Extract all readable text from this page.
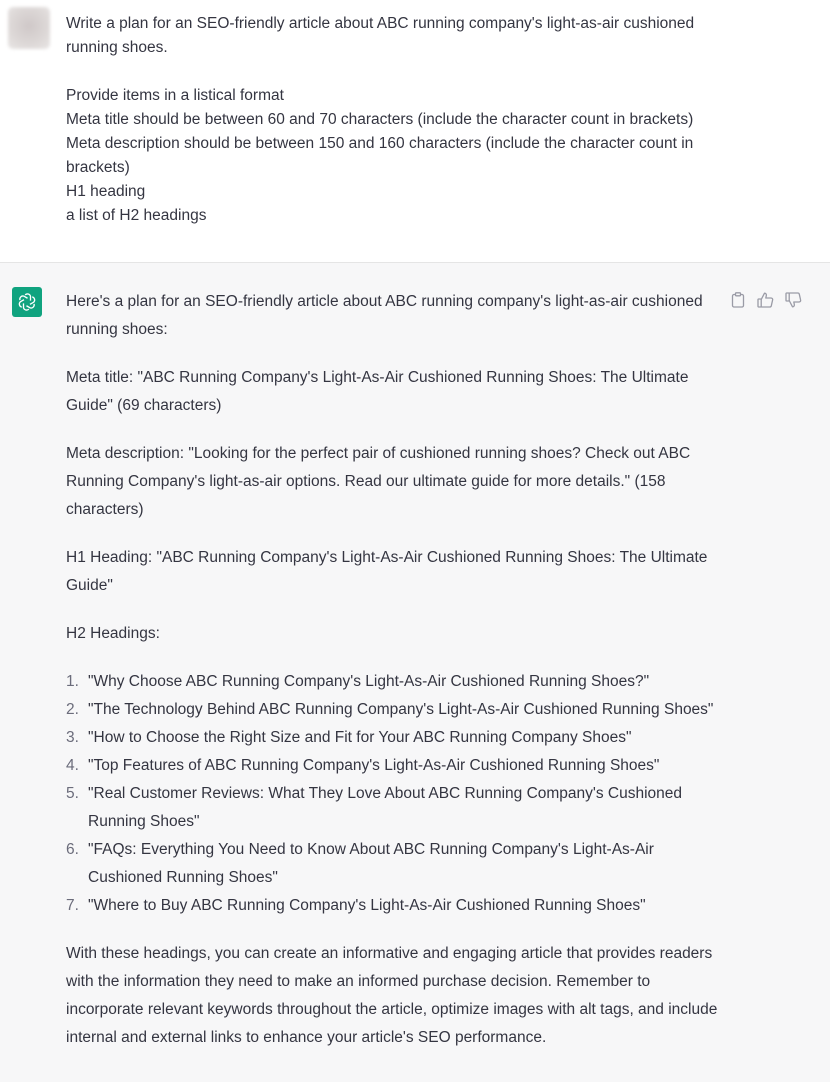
Write a plan for an SEO-friendly article about ABC running company's light-as-air cushioned running shoes.

Provide items in a listical format

Meta title should be between 60 and 70 characters (include the character count in brackets)

Meta description should be between 150 and 160 characters (include the character count in brackets)

H1 heading

a list of H2 headings

Here's a plan for an SEO-friendly article about ABC running company's light-as-air cushioned running shoes:

Meta title: "ABC Running Company's Light-As-Air Cushioned Running Shoes: The Ultimate Guide" (69 characters)

Meta description: "Looking for the perfect pair of cushioned running shoes? Check out ABC Running Company's light-as-air options. Read our ultimate guide for more details." (158 characters)

H1 Heading: "ABC Running Company's Light-As-Air Cushioned Running Shoes: The Ultimate Guide"

H2 Headings:

1. "Why Choose ABC Running Company's Light-As-Air Cushioned Running Shoes?"
2. "The Technology Behind ABC Running Company's Light-As-Air Cushioned Running Shoes"
3. "How to Choose the Right Size and Fit for Your ABC Running Company Shoes"
4. "Top Features of ABC Running Company's Light-As-Air Cushioned Running Shoes"
5. "Real Customer Reviews: What They Love About ABC Running Company's Cushioned Running Shoes"
6. "FAQs: Everything You Need to Know About ABC Running Company's Light-As-Air Cushioned Running Shoes"
7. "Where to Buy ABC Running Company's Light-As-Air Cushioned Running Shoes"

With these headings, you can create an informative and engaging article that provides readers with the information they need to make an informed purchase decision. Remember to incorporate relevant keywords throughout the article, optimize images with alt tags, and include internal and external links to enhance your article's SEO performance.
